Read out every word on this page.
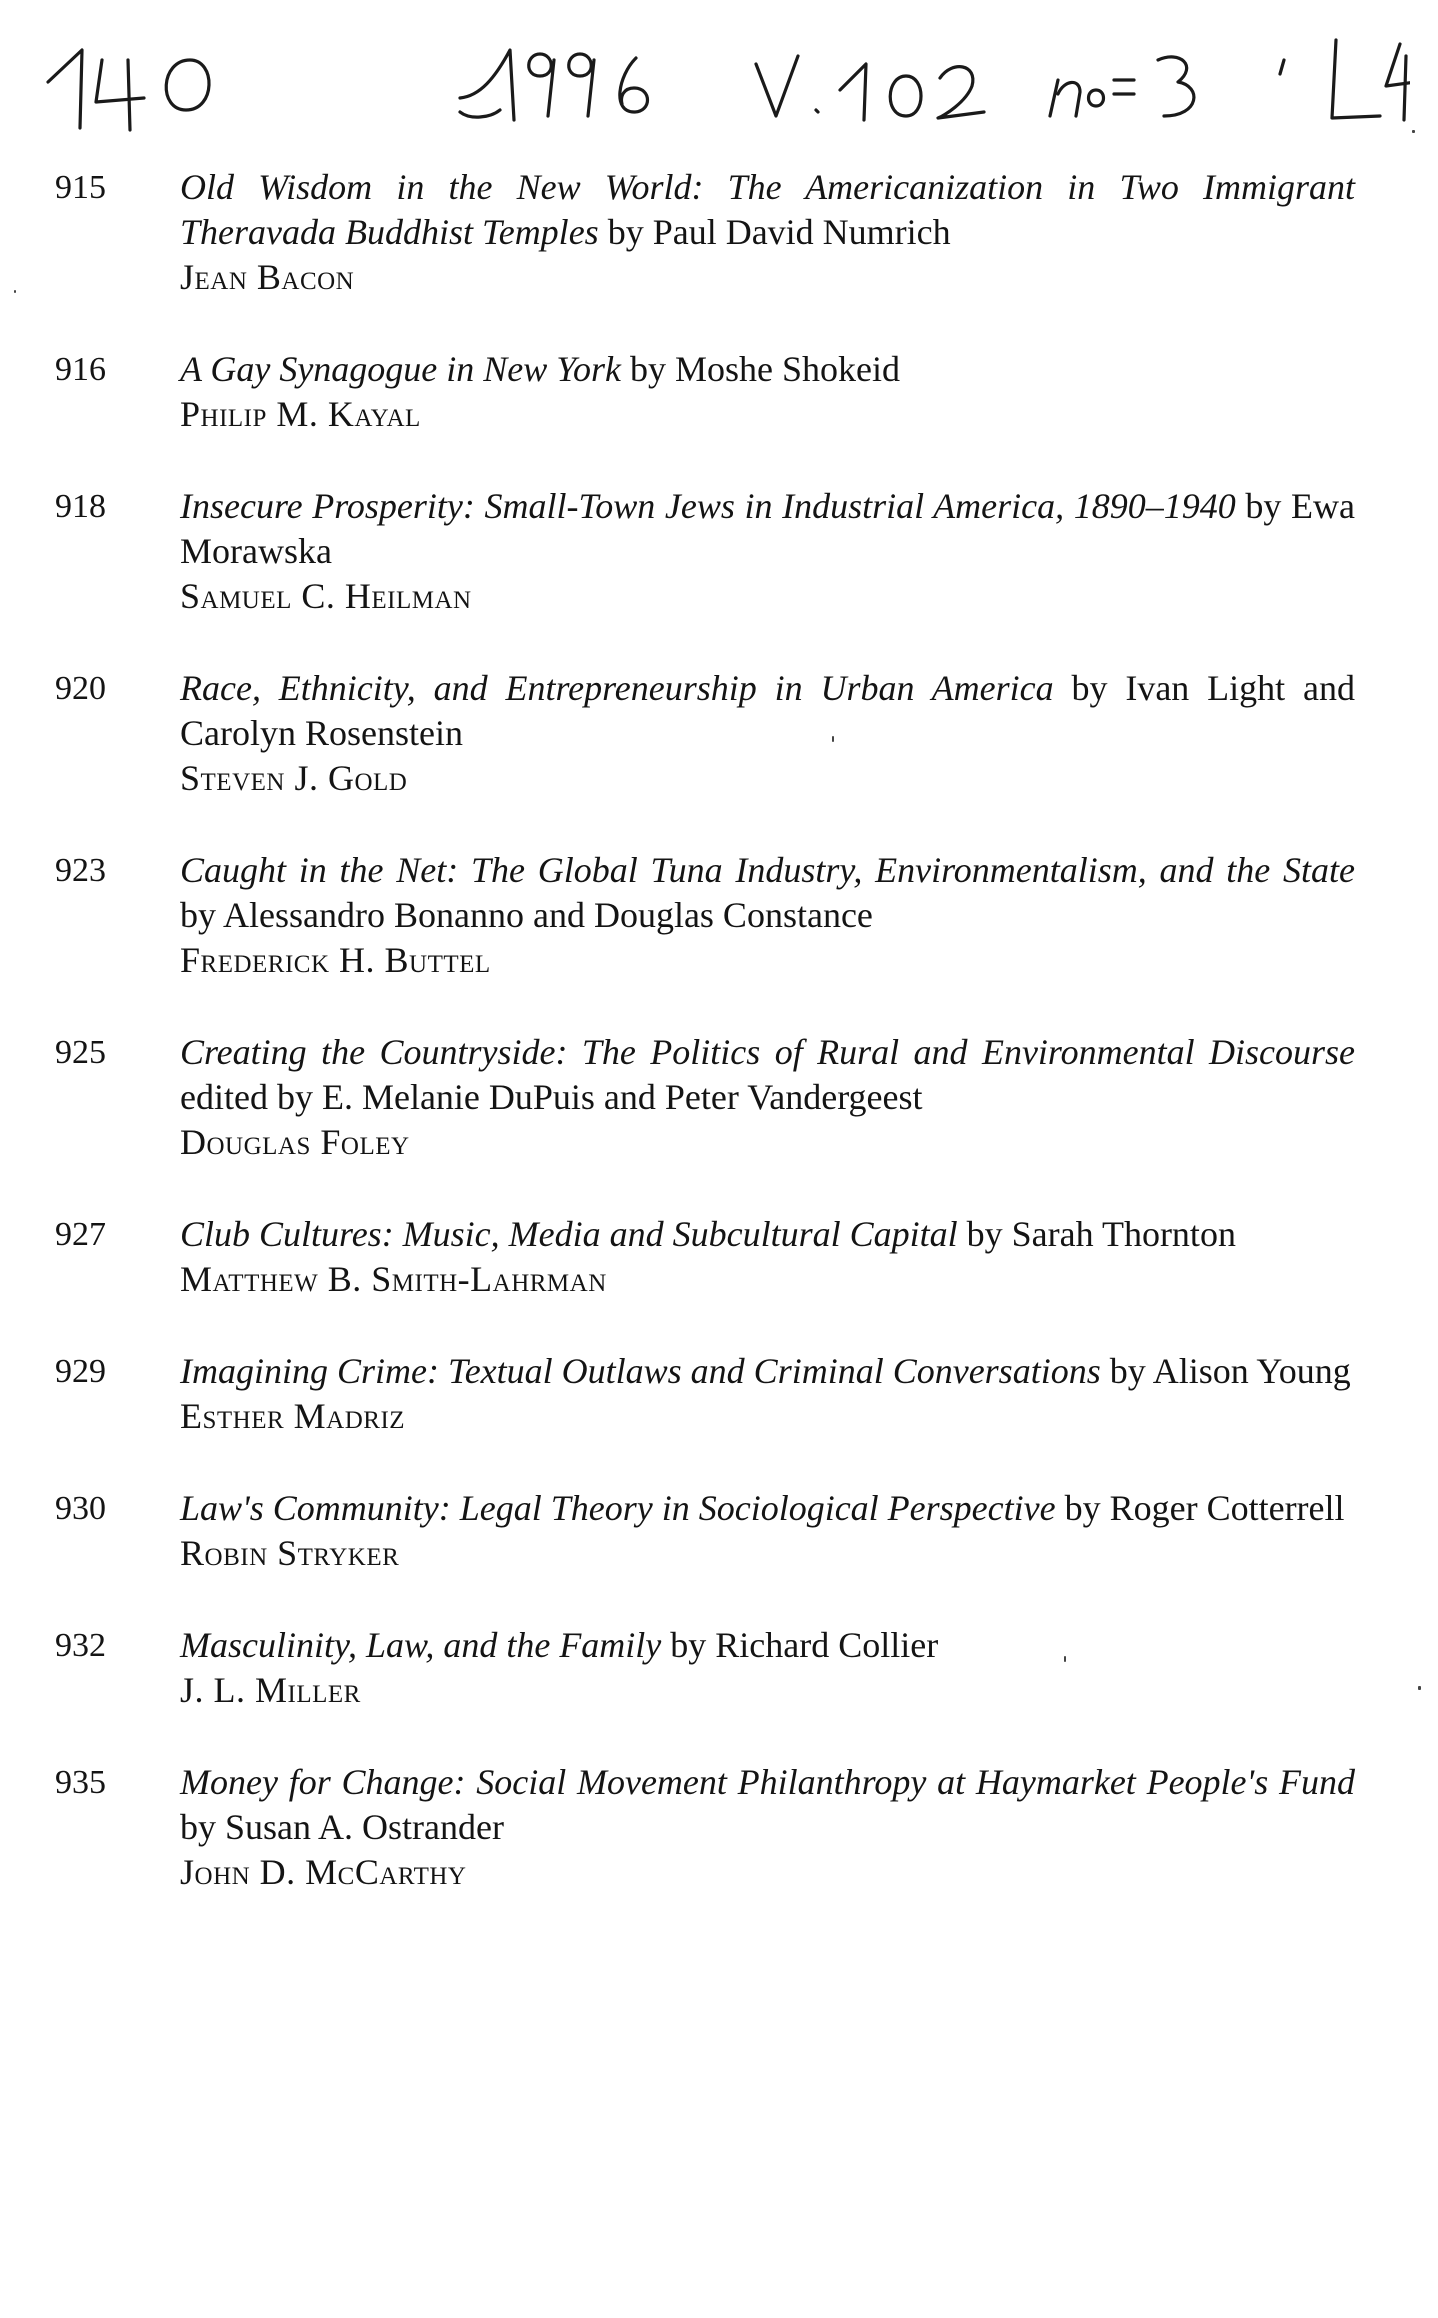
915	Old Wisdom in the New World: The Americanization in Two Immigrant Theravada Buddhist Temples by Paul David Numrich
Jean Bacon
916	A Gay Synagogue in New York by Moshe Shokeid
Philip M. Kayal
918	Insecure Prosperity: Small-Town Jews in Industrial America, 1890–1940 by Ewa Morawska
Samuel C. Heilman
920	Race, Ethnicity, and Entrepreneurship in Urban America by Ivan Light and Carolyn Rosenstein
Steven J. Gold
923	Caught in the Net: The Global Tuna Industry, Environmentalism, and the State by Alessandro Bonanno and Douglas Constance
Frederick H. Buttel
925	Creating the Countryside: The Politics of Rural and Environmental Discourse edited by E. Melanie DuPuis and Peter Vandergeest
Douglas Foley
927	Club Cultures: Music, Media and Subcultural Capital by Sarah Thornton
Matthew B. Smith-Lahrman
929	Imagining Crime: Textual Outlaws and Criminal Conversations by Alison Young
Esther Madriz
930	Law's Community: Legal Theory in Sociological Perspective by Roger Cotterrell
Robin Stryker
932	Masculinity, Law, and the Family by Richard Collier
J. L. Miller
935	Money for Change: Social Movement Philanthropy at Haymarket People's Fund by Susan A. Ostrander
John D. McCarthy
